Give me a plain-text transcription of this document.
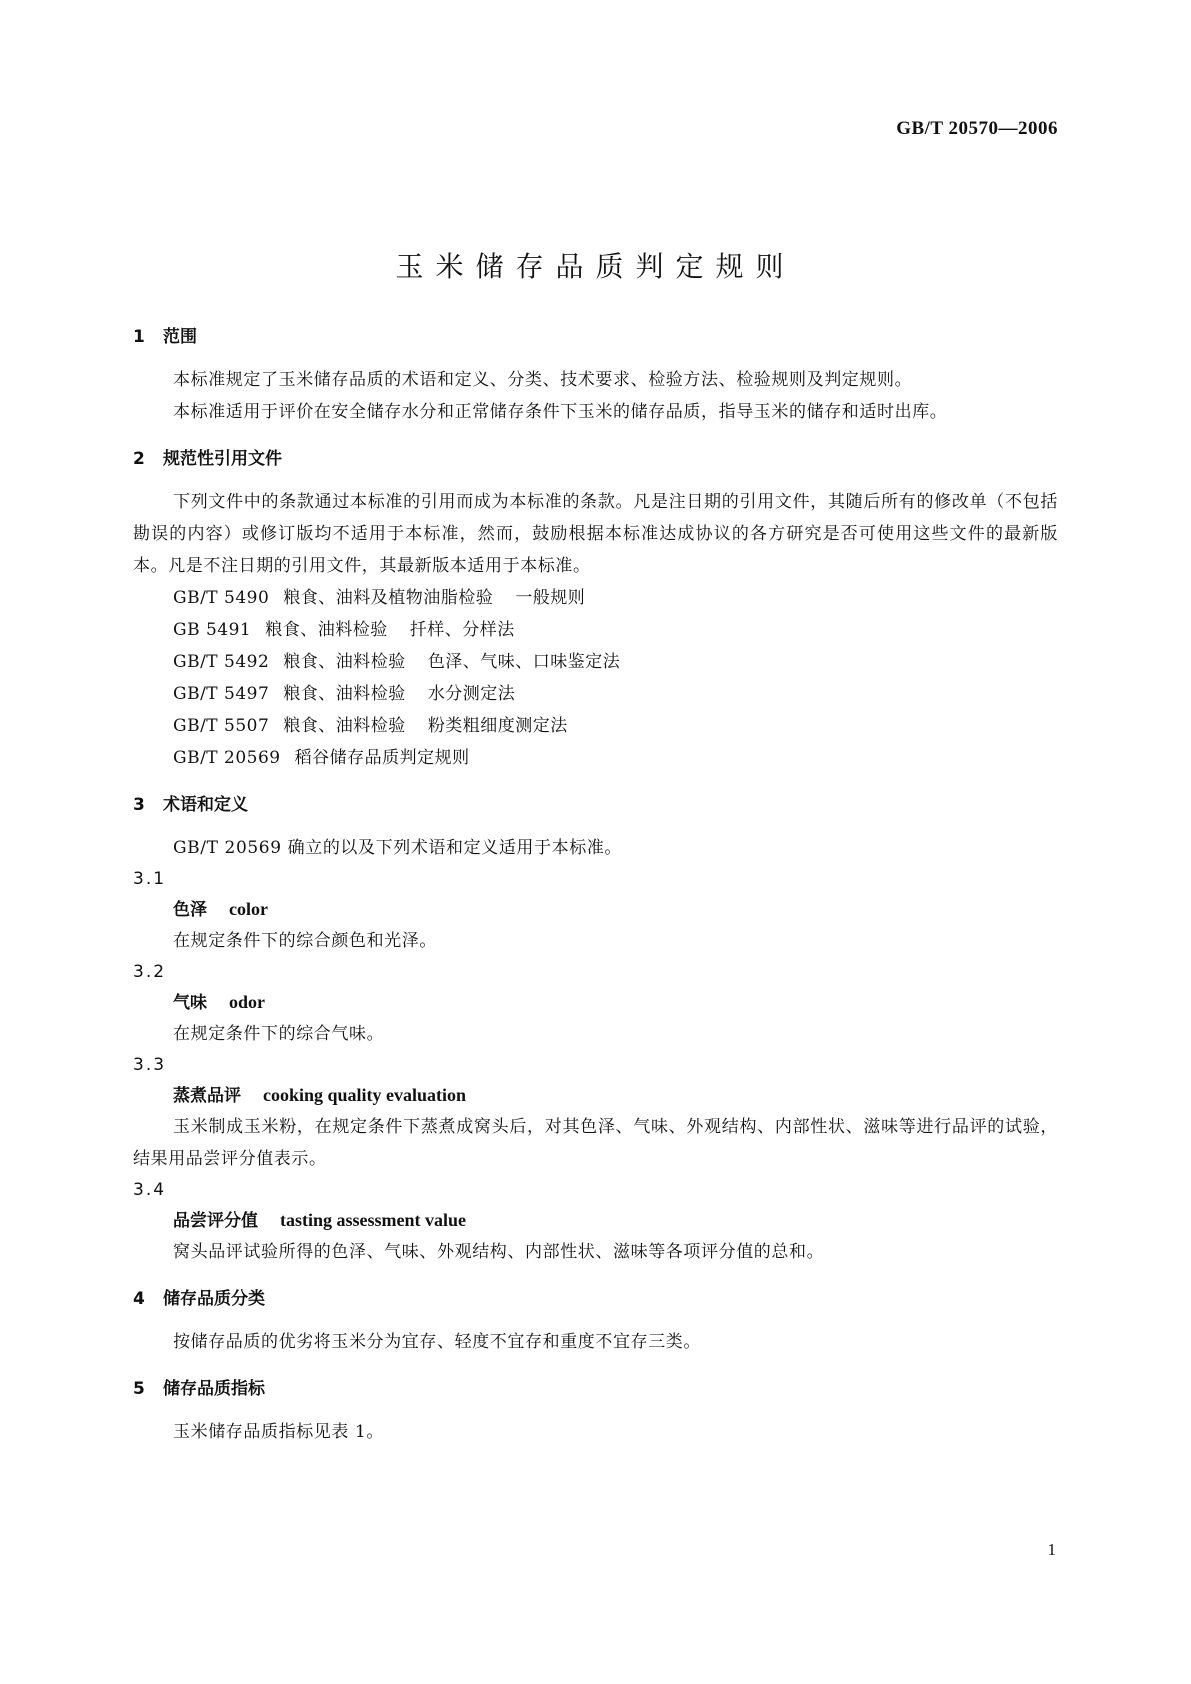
GB/T 20570—2006
玉米储存品质判定规则
1 范围

本标准规定了玉米储存品质的术语和定义、分类、技术要求、检验方法、检验规则及判定规则。

本标准适用于评价在安全储存水分和正常储存条件下玉米的储存品质，指导玉米的储存和适时出库。

2 规范性引用文件

下列文件中的条款通过本标准的引用而成为本标准的条款。凡是注日期的引用文件，其随后所有的修改单（不包括勘误的内容）或修订版均不适用于本标准，然而，鼓励根据本标准达成协议的各方研究是否可使用这些文件的最新版本。凡是不注日期的引用文件，其最新版本适用于本标准。

GB/T 5490 粮食、油料及植物油脂检验 一般规则

GB 5491 粮食、油料检验 扦样、分样法

GB/T 5492 粮食、油料检验 色泽、气味、口味鉴定法

GB/T 5497 粮食、油料检验 水分测定法

GB/T 5507 粮食、油料检验 粉类粗细度测定法

GB/T 20569 稻谷储存品质判定规则

3 术语和定义

GB/T 20569 确立的以及下列术语和定义适用于本标准。

3.1

色泽 color

在规定条件下的综合颜色和光泽。

3.2

气味 odor

在规定条件下的综合气味。

3.3

蒸煮品评 cooking quality evaluation

玉米制成玉米粉，在规定条件下蒸煮成窝头后，对其色泽、气味、外观结构、内部性状、滋味等进行品评的试验，结果用品尝评分值表示。

3.4

品尝评分值 tasting assessment value

窝头品评试验所得的色泽、气味、外观结构、内部性状、滋味等各项评分值的总和。

4 储存品质分类

按储存品质的优劣将玉米分为宜存、轻度不宜存和重度不宜存三类。

5 储存品质指标

玉米储存品质指标见表 1。

1
